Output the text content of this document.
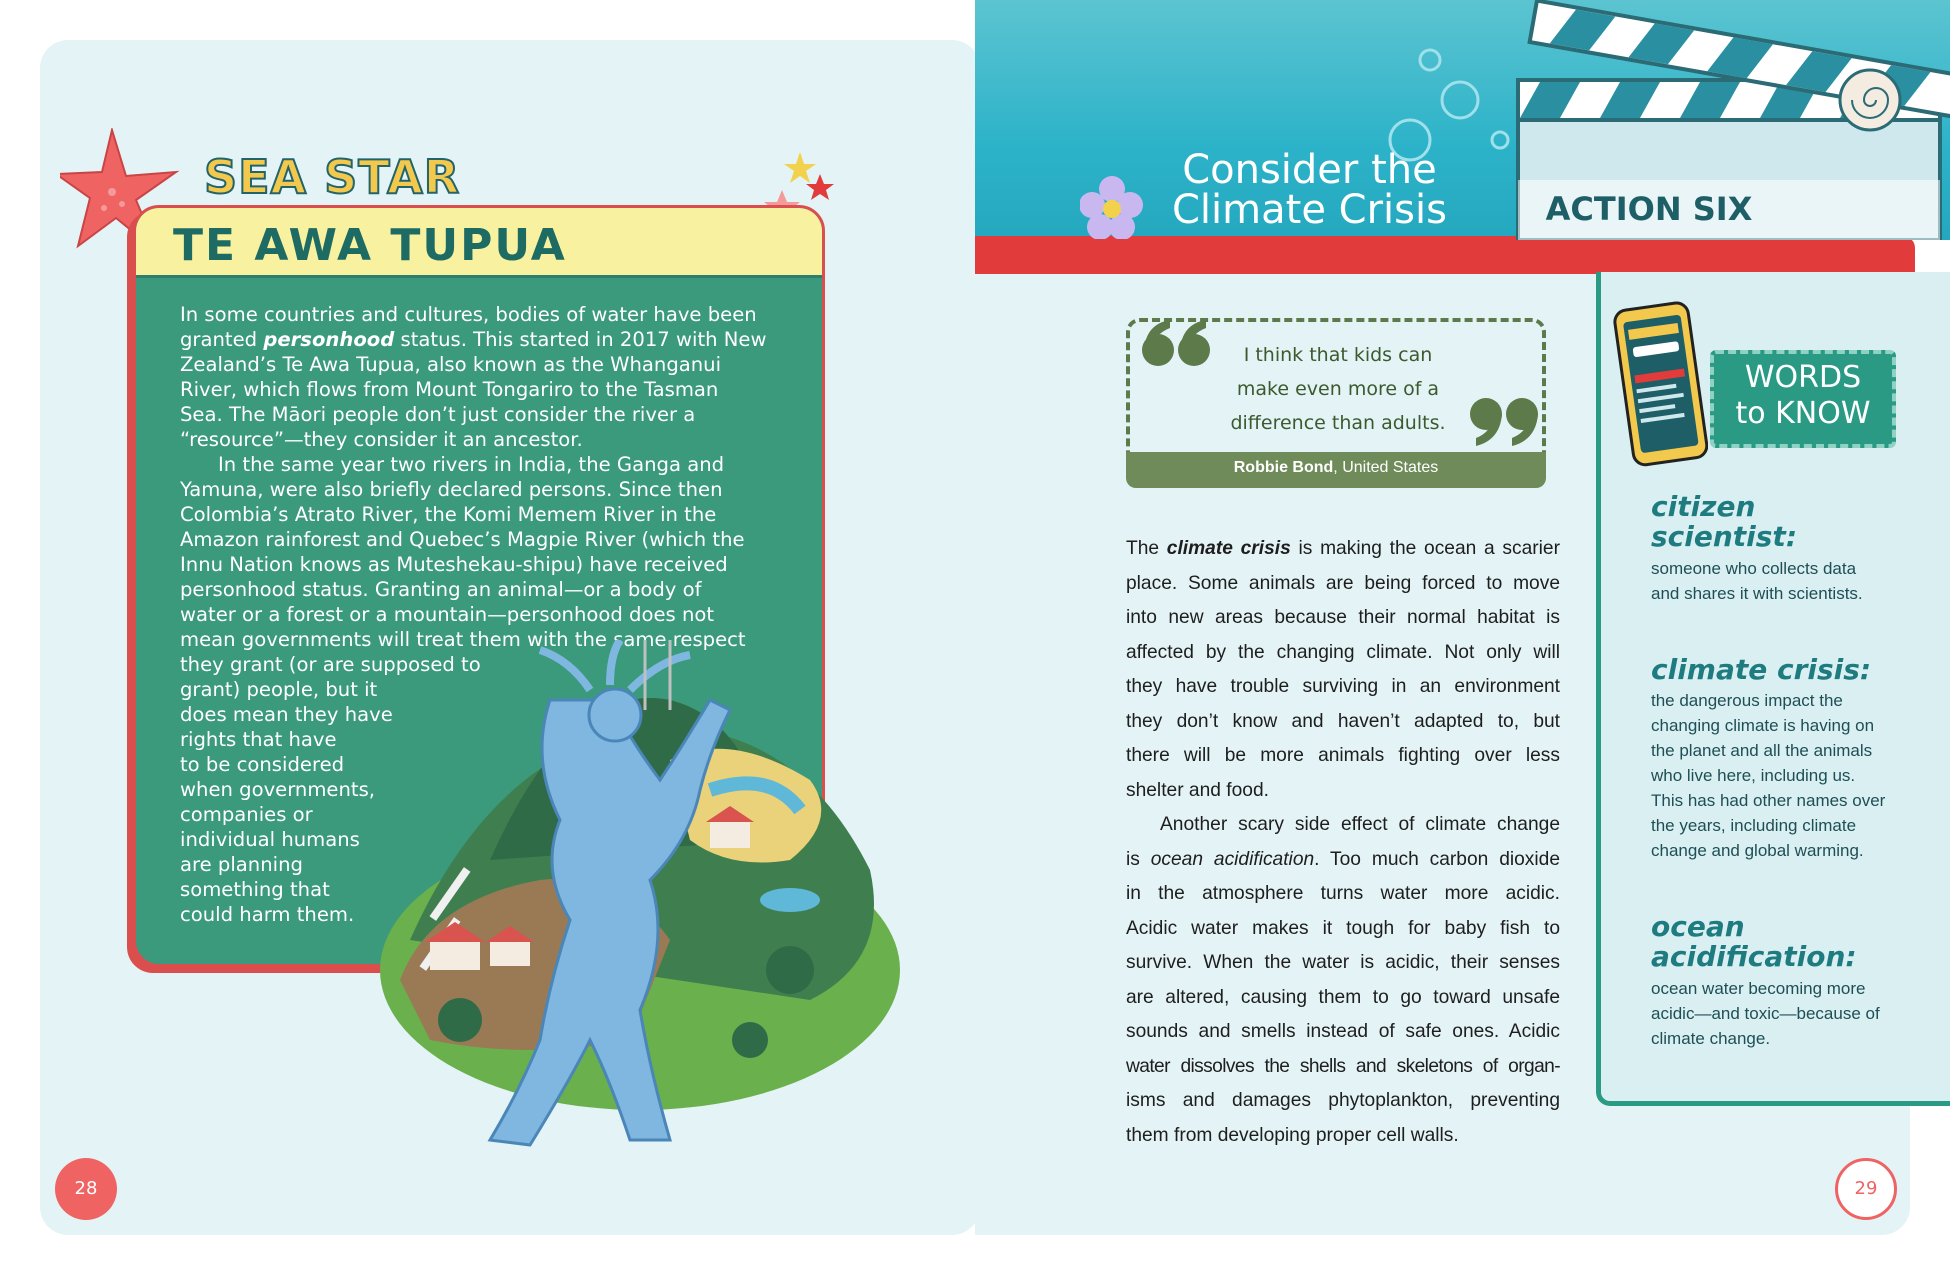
SEA STAR
TE AWA TUPUA
In some countries and cultures, bodies of water have been
granted personhood status. This started in 2017 with New
Zealand’s Te Awa Tupua, also known as the Whanganui
River, which flows from Mount Tongariro to the Tasman
Sea. The Māori people don’t just consider the river a
“resource”—they consider it an ancestor.
In the same year two rivers in India, the Ganga and
Yamuna, were also briefly declared persons. Since then
Colombia’s Atrato River, the Komi Memem River in the
Amazon rainforest and Quebec’s Magpie River (which the
Innu Nation knows as Muteshekau-shipu) have received
personhood status. Granting an animal—or a body of
water or a forest or a mountain—personhood does not
mean governments will treat them with the same respect
they grant (or are supposed to
grant) people, but it
does mean they have
rights that have
to be considered
when governments,
companies or
individual humans
are planning
something that
could harm them.
28
Consider the
Climate Crisis	ACTION SIX
I think that kids can
make even more of a
difference than adults.
Robbie Bond, United States
The climate crisis is making the ocean a scarier
place. Some animals are being forced to move
into new areas because their normal habitat is
affected by the changing climate. Not only will
they have trouble surviving in an environment
they don’t know and haven’t adapted to, but
there will be more animals fighting over less
shelter and food.
Another scary side effect of climate change
is ocean acidification. Too much carbon dioxide
in the atmosphere turns water more acidic.
Acidic water makes it tough for baby fish to
survive. When the water is acidic, their senses
are altered, causing them to go toward unsafe
sounds and smells instead of safe ones. Acidic
water dissolves the shells and skeletons of organ-
isms and damages phytoplankton, preventing
them from developing proper cell walls.
WORDS
to KNOW
citizen
scientist:
someone who collects data
and shares it with scientists.
climate crisis:
the dangerous impact the
changing climate is having on
the planet and all the animals
who live here, including us.
This has had other names over
the years, including climate
change and global warming.
ocean
acidification:
ocean water becoming more
acidic—and toxic—because of
climate change.
29
